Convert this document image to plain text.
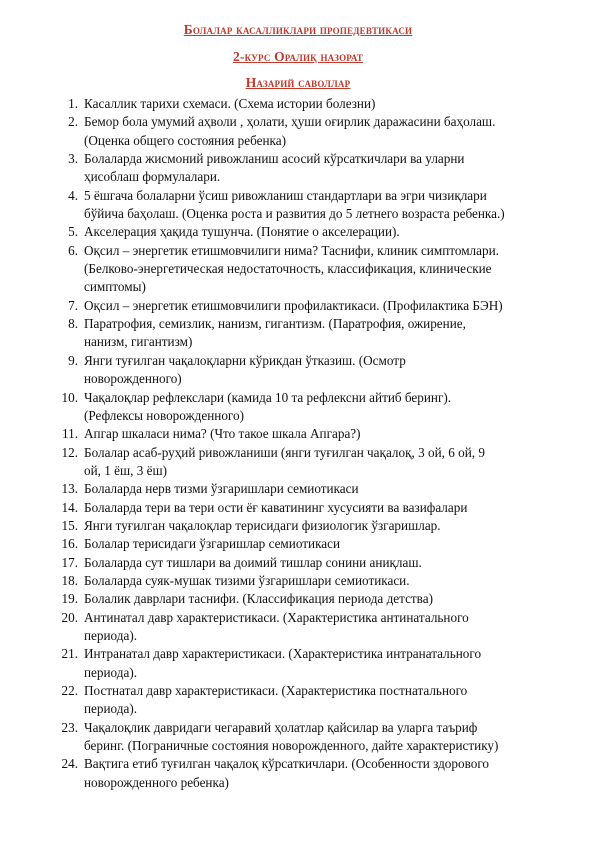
Болалар касалликлари пропедевтикаси
2-курс Оралиқ назорат
Назарий саволлар
1. Касаллик тарихи схемаси. (Схема истории болезни)
2. Бемор бола умумий аҳволи , ҳолати, ҳуши оғирлик даражасини баҳолаш.
(Оценка общего состояния ребенка)
3. Болаларда жисмоний ривожланиш асосий кўрсаткичлари ва уларни
ҳисоблаш формулалари.
4. 5 ёшгача болаларни ўсиш ривожланиш стандартлари ва эгри чизиқлари
бўйича баҳолаш. (Оценка роста и развития до 5 летнего возраста ребенка.)
5. Акселерация ҳақида тушунча. (Понятие о акселерации).
6. Оқсил – энергетик етишмовчилиги нима? Таснифи, клиник симптомлари.
(Белково-энергетическая недостаточность, классификация, клинические
симптомы)
7. Оқсил – энергетик етишмовчилиги профилактикаси. (Профилактика БЭН)
8. Паратрофия, семизлик, нанизм, гигантизм. (Паратрофия, ожирение,
нанизм, гигантизм)
9. Янги туғилган чақалоқларни кўрикдан ўтказиш. (Осмотр
новорожденного)
10. Чақалоқлар рефлекслари (камида 10 та рефлексни айтиб беринг).
(Рефлексы новорожденного)
11. Апгар шкаласи нима? (Что такое шкала Апгара?)
12. Болалар асаб-руҳий ривожланиши (янги туғилган чақалоқ, 3 ой, 6 ой, 9
ой, 1 ёш, 3 ёш)
13. Болаларда нерв тизми ўзгаришлари семиотикаси
14. Болаларда тери ва тери ости ёғ каватининг хусусияти ва вазифалари
15. Янги туғилган чақалоқлар терисидаги физиологик ўзгаришлар.
16. Болалар терисидаги ўзгаришлар семиотикаси
17. Болаларда сут тишлари ва доимий тишлар сонини аниқлаш.
18. Болаларда суяк-мушак тизими ўзгаришлари семиотикаси.
19. Болалик даврлари таснифи. (Классификация периода детства)
20. Антинатал давр характеристикаси. (Характеристика антинатального
периода).
21. Интранатал давр характеристикаси. (Характеристика интранатального
периода).
22. Постнатал давр характеристикаси. (Характеристика постнатального
периода).
23. Чақалоқлик давридаги чегаравий ҳолатлар қайсилар ва уларга таъриф
беринг. (Пограничные состояния новорожденного, дайте характеристику)
24. Вақтига етиб туғилган чақалоқ кўрсаткичлари. (Особенности здорового
новорожденного ребенка)
